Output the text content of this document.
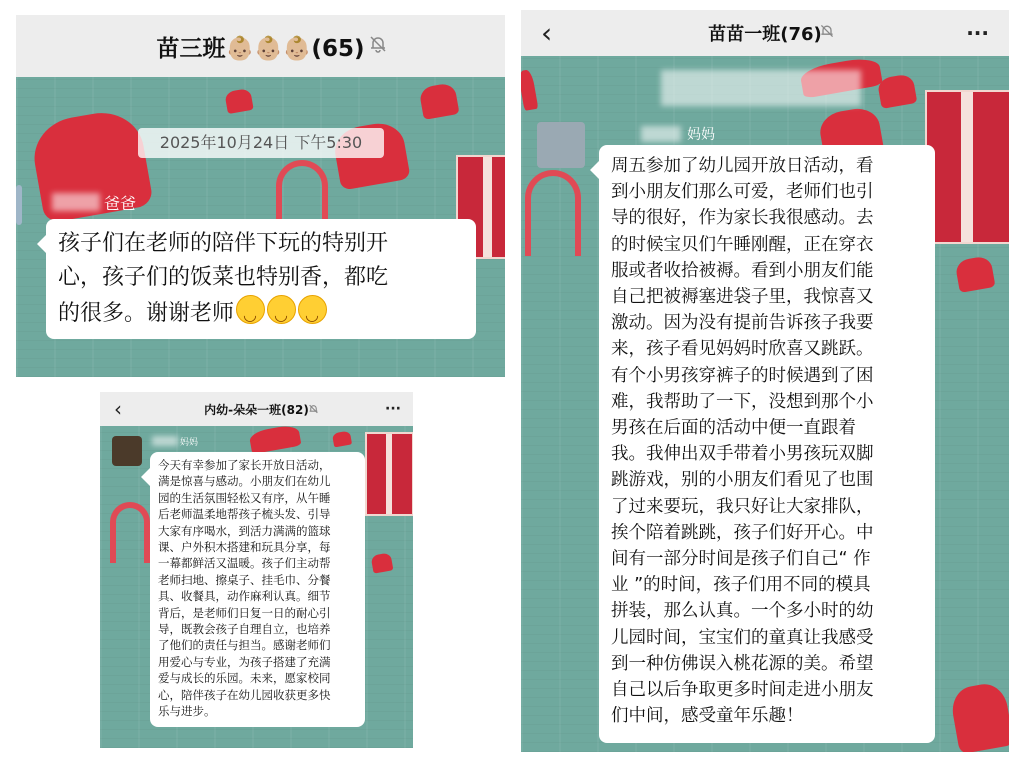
苗三班👶🏼👶🏼👶🏼(65)
2025年10月24日 下午5:30
爸爸

孩子们在老师的陪伴下玩的特别开
心，孩子们的饭菜也特别香，都吃
的很多。谢谢老师◡◡◡

‹	内幼-朵朵一班(82)	···
妈妈

今天有幸参加了家长开放日活动，
满是惊喜与感动。小朋友们在幼儿
园的生活氛围轻松又有序，从午睡
后老师温柔地帮孩子梳头发、引导
大家有序喝水，到活力满满的篮球
课、户外积木搭建和玩具分享，每
一幕都鲜活又温暖。孩子们主动帮
老师扫地、擦桌子、挂毛巾、分餐
具、收餐具，动作麻利认真。细节
背后，是老师们日复一日的耐心引
导，既教会孩子自理自立，也培养
了他们的责任与担当。感谢老师们
用爱心与专业，为孩子搭建了充满
爱与成长的乐园。未来，愿家校同
心，陪伴孩子在幼儿园收获更多快
乐与进步。

‹	苗苗一班(76)	···
妈妈

周五参加了幼儿园开放日活动，看
到小朋友们那么可爱，老师们也引
导的很好，作为家长我很感动。去
的时候宝贝们午睡刚醒，正在穿衣
服或者收拾被褥。看到小朋友们能
自己把被褥塞进袋子里，我惊喜又
激动。因为没有提前告诉孩子我要
来，孩子看见妈妈时欣喜又跳跃。
有个小男孩穿裤子的时候遇到了困
难，我帮助了一下，没想到那个小
男孩在后面的活动中便一直跟着
我。我伸出双手带着小男孩玩双脚
跳游戏，别的小朋友们看见了也围
了过来要玩，我只好让大家排队，
挨个陪着跳跳，孩子们好开心。中
间有一部分时间是孩子们自己“ 作
业 ”的时间，孩子们用不同的模具
拼装，那么认真。一个多小时的幼
儿园时间，宝宝们的童真让我感受
到一种仿佛误入桃花源的美。希望
自己以后争取更多时间走进小朋友
们中间，感受童年乐趣！
